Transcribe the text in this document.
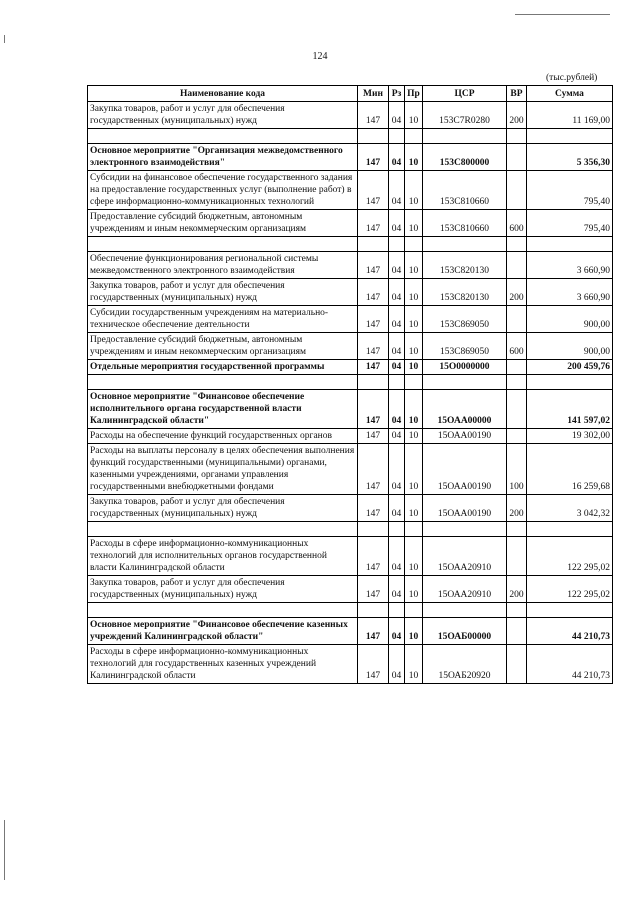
124
(тыс.рублей)
Наименование кода	Мин	Рз	Пр	ЦСР	ВР	Сумма
Закупка товаров, работ и услуг для обеспечения государственных (муниципальных) нужд	147	04	10	153С7R0280	200	11 169,00

Основное мероприятие "Организация межведомственного электронного взаимодействия"	147	04	10	153С800000		5 356,30
Субсидии на финансовое обеспечение государственного задания на предоставление государственных услуг (выполнение работ) в сфере информационно-коммуникационных технологий	147	04	10	153С810660		795,40
Предоставление субсидий бюджетным, автономным учреждениям и иным некоммерческим организациям	147	04	10	153С810660	600	795,40

Обеспечение функционирования региональной системы межведомственного электронного взаимодействия	147	04	10	153С820130		3 660,90
Закупка товаров, работ и услуг для обеспечения государственных (муниципальных) нужд	147	04	10	153С820130	200	3 660,90
Субсидии государственным учреждениям на материально-техническое обеспечение деятельности	147	04	10	153С869050		900,00
Предоставление субсидий бюджетным, автономным учреждениям и иным некоммерческим организациям	147	04	10	153С869050	600	900,00
Отдельные мероприятия государственной программы	147	04	10	15О0000000		200 459,76

Основное мероприятие "Финансовое обеспечение исполнительного органа государственной власти Калининградской области"	147	04	10	15ОАА00000		141 597,02
Расходы на обеспечение функций государственных органов	147	04	10	15ОАА00190		19 302,00
Расходы на выплаты персоналу в целях обеспечения выполнения функций государственными (муниципальными) органами, казенными учреждениями, органами управления государственными внебюджетными фондами	147	04	10	15ОАА00190	100	16 259,68
Закупка товаров, работ и услуг для обеспечения государственных (муниципальных) нужд	147	04	10	15ОАА00190	200	3 042,32

Расходы в сфере информационно-коммуникационных технологий для исполнительных органов государственной власти Калининградской области	147	04	10	15ОАА20910		122 295,02
Закупка товаров, работ и услуг для обеспечения государственных (муниципальных) нужд	147	04	10	15ОАА20910	200	122 295,02

Основное мероприятие "Финансовое обеспечение казенных учреждений Калининградской области"	147	04	10	15ОАБ00000		44 210,73
Расходы в сфере информационно-коммуникационных технологий для государственных казенных учреждений Калининградской области	147	04	10	15ОАБ20920		44 210,73
